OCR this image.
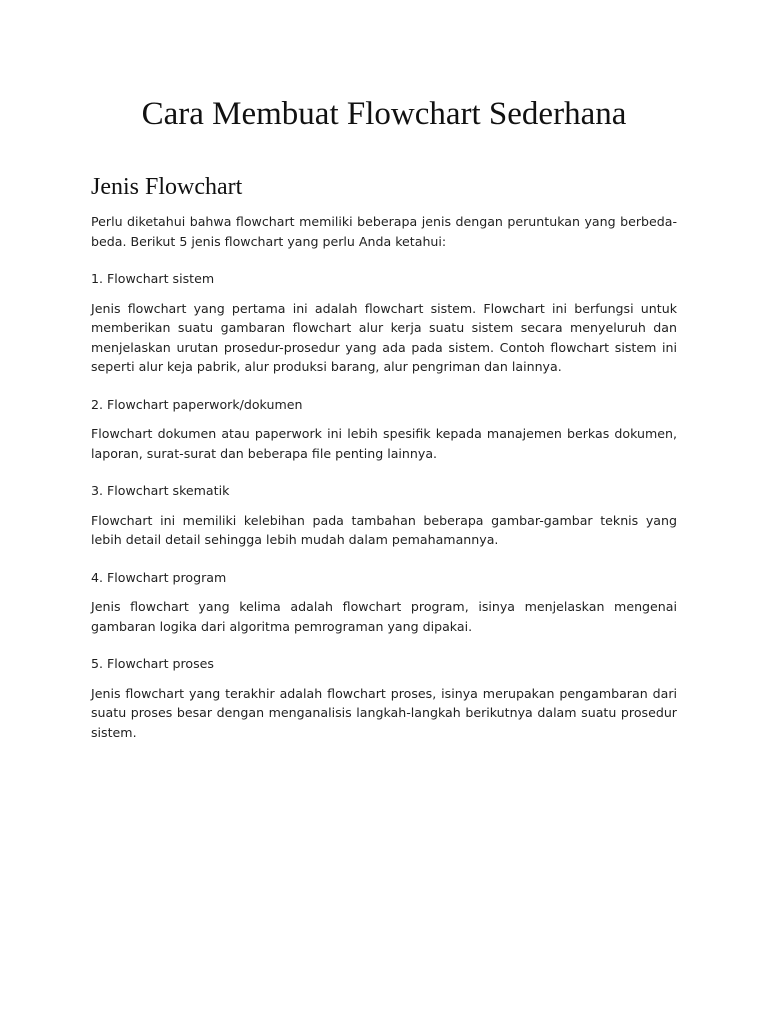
Cara Membuat Flowchart Sederhana
Jenis Flowchart

Perlu diketahui bahwa flowchart memiliki beberapa jenis dengan peruntukan yang berbeda-beda. Berikut 5 jenis flowchart yang perlu Anda ketahui:

1. Flowchart sistem

Jenis flowchart yang pertama ini adalah flowchart sistem. Flowchart ini berfungsi untuk memberikan suatu gambaran flowchart alur kerja suatu sistem secara menyeluruh dan menjelaskan urutan prosedur-prosedur yang ada pada sistem. Contoh flowchart sistem ini seperti alur keja pabrik, alur produksi barang, alur pengriman dan lainnya.

2. Flowchart paperwork/dokumen

Flowchart dokumen atau paperwork ini lebih spesifik kepada manajemen berkas dokumen, laporan, surat-surat dan beberapa file penting lainnya.

3. Flowchart skematik

Flowchart ini memiliki kelebihan pada tambahan beberapa gambar-gambar teknis yang lebih detail detail sehingga lebih mudah dalam pemahamannya.

4. Flowchart program

Jenis flowchart yang kelima adalah flowchart program, isinya menjelaskan mengenai gambaran logika dari algoritma pemrograman yang dipakai.

5. Flowchart proses

Jenis flowchart yang terakhir adalah flowchart proses, isinya merupakan pengambaran dari suatu proses besar dengan menganalisis langkah-langkah berikutnya dalam suatu prosedur sistem.
